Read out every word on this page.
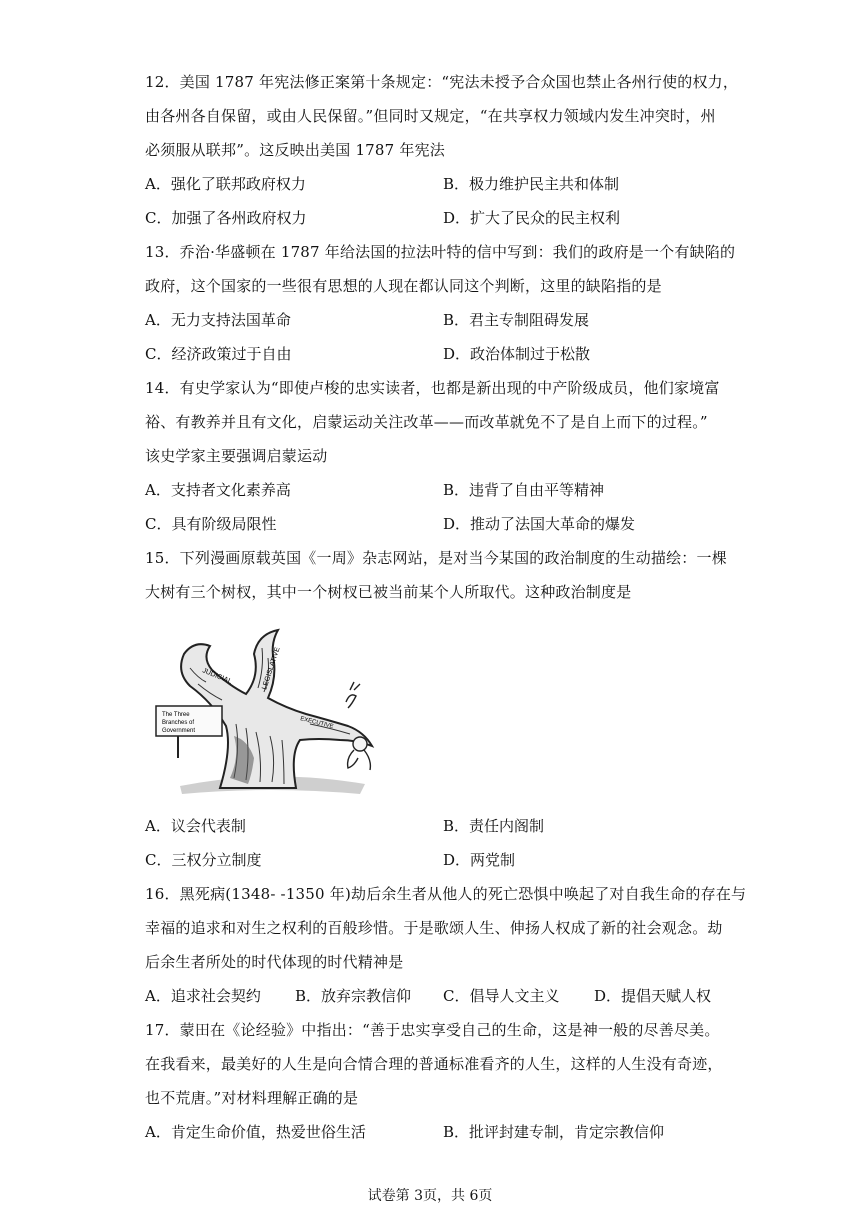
12．美国 1787 年宪法修正案第十条规定：“宪法未授予合众国也禁止各州行使的权力，
由各州各自保留，或由人民保留。”但同时又规定，“在共享权力领域内发生冲突时，州
必须服从联邦”。这反映出美国 1787 年宪法
A．强化了联邦政府权力	B．极力维护民主共和体制
C．加强了各州政府权力	D．扩大了民众的民主权利
13．乔治·华盛顿在 1787 年给法国的拉法叶特的信中写到：我们的政府是一个有缺陷的
政府，这个国家的一些很有思想的人现在都认同这个判断，这里的缺陷指的是
A．无力支持法国革命	B．君主专制阻碍发展
C．经济政策过于自由	D．政治体制过于松散
14．有史学家认为“即使卢梭的忠实读者，也都是新出现的中产阶级成员，他们家境富
裕、有教养并且有文化，启蒙运动关注改革——而改革就免不了是自上而下的过程。”
该史学家主要强调启蒙运动
A．支持者文化素养高	B．违背了自由平等精神
C．具有阶级局限性	D．推动了法国大革命的爆发
15．下列漫画原载英国《一周》杂志网站，是对当今某国的政治制度的生动描绘：一棵
大树有三个树杈，其中一个树杈已被当前某个人所取代。这种政治制度是
The Three
Branches of
Government
JUDICIAL	LEGISLATIVE
EXECUTIVE
A．议会代表制	B．责任内阁制
C．三权分立制度	D．两党制
16．黑死病(1348- -1350 年)劫后余生者从他人的死亡恐惧中唤起了对自我生命的存在与
幸福的追求和对生之权利的百般珍惜。于是歌颂人生、伸扬人权成了新的社会观念。劫
后余生者所处的时代体现的时代精神是
A．追求社会契约 B．放弃宗教信仰 C．倡导人文主义 D．提倡天赋人权
17．蒙田在《论经验》中指出：“善于忠实享受自己的生命，这是神一般的尽善尽美。
在我看来，最美好的人生是向合情合理的普通标准看齐的人生，这样的人生没有奇迹，
也不荒唐。”对材料理解正确的是
A．肯定生命价值，热爱世俗生活	B．批评封建专制，肯定宗教信仰
试卷第 3页，共 6页
